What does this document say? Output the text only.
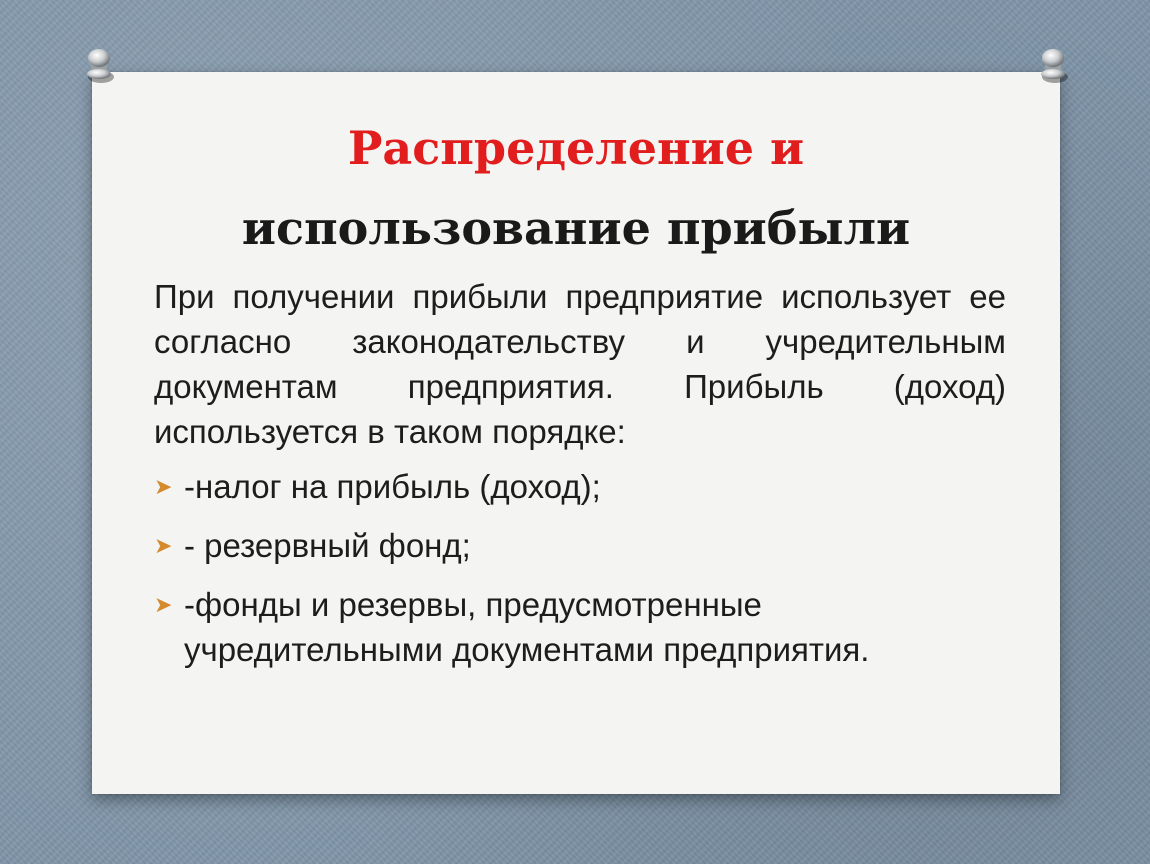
Распределение и
использование прибыли

При получении прибыли предприятие использует ее согласно законодательству и учредительным документам предприятия. Прибыль (доход) используется в таком порядке:

➤ -налог на прибыль (доход);
➤ - резервный фонд;
➤ -фонды и резервы, предусмотренные учредительными документами предприятия.
